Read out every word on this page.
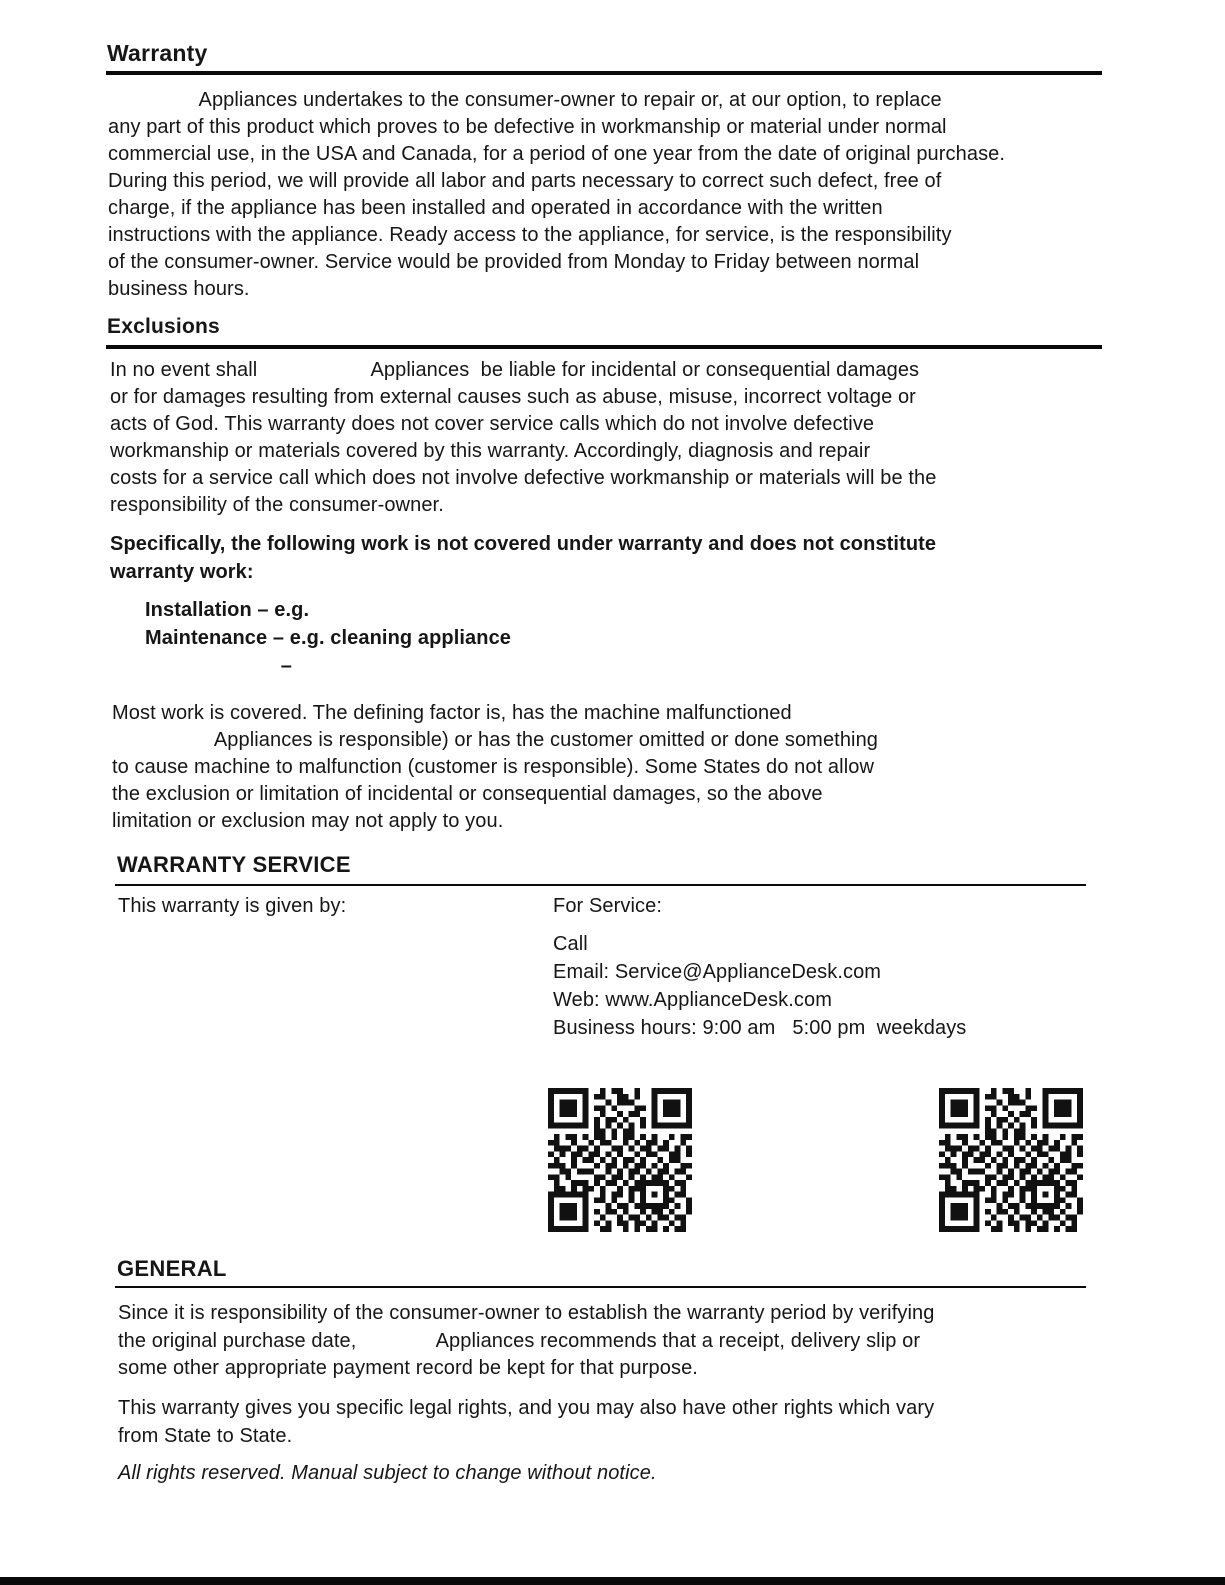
Warranty
Appliances undertakes to the consumer-owner to repair or, at our option, to replace
any part of this product which proves to be defective in workmanship or material under normal
commercial use, in the USA and Canada, for a period of one year from the date of original purchase.
During this period, we will provide all labor and parts necessary to correct such defect, free of
charge, if the appliance has been installed and operated in accordance with the written
instructions with the appliance. Ready access to the appliance, for service, is the responsibility
of the consumer-owner. Service would be provided from Monday to Friday between normal
business hours.
Exclusions
In no event shall                    Appliances  be liable for incidental or consequential damages
or for damages resulting from external causes such as abuse, misuse, incorrect voltage or
acts of God. This warranty does not cover service calls which do not involve defective
workmanship or materials covered by this warranty. Accordingly, diagnosis and repair
costs for a service call which does not involve defective workmanship or materials will be the
responsibility of the consumer-owner.
Specifically, the following work is not covered under warranty and does not constitute
warranty work:
Installation – e.g.
Maintenance – e.g. cleaning appliance
–
Most work is covered. The defining factor is, has the machine malfunctioned
Appliances is responsible) or has the customer omitted or done something
to cause machine to malfunction (customer is responsible). Some States do not allow
the exclusion or limitation of incidental or consequential damages, so the above
limitation or exclusion may not apply to you.
WARRANTY SERVICE
This warranty is given by:	For Service:
Call
Email: Service@ApplianceDesk.com
Web: www.ApplianceDesk.com
Business hours: 9:00 am   5:00 pm  weekdays
GENERAL
Since it is responsibility of the consumer-owner to establish the warranty period by verifying
the original purchase date,              Appliances recommends that a receipt, delivery slip or
some other appropriate payment record be kept for that purpose.
This warranty gives you specific legal rights, and you may also have other rights which vary
from State to State.
All rights reserved. Manual subject to change without notice.
